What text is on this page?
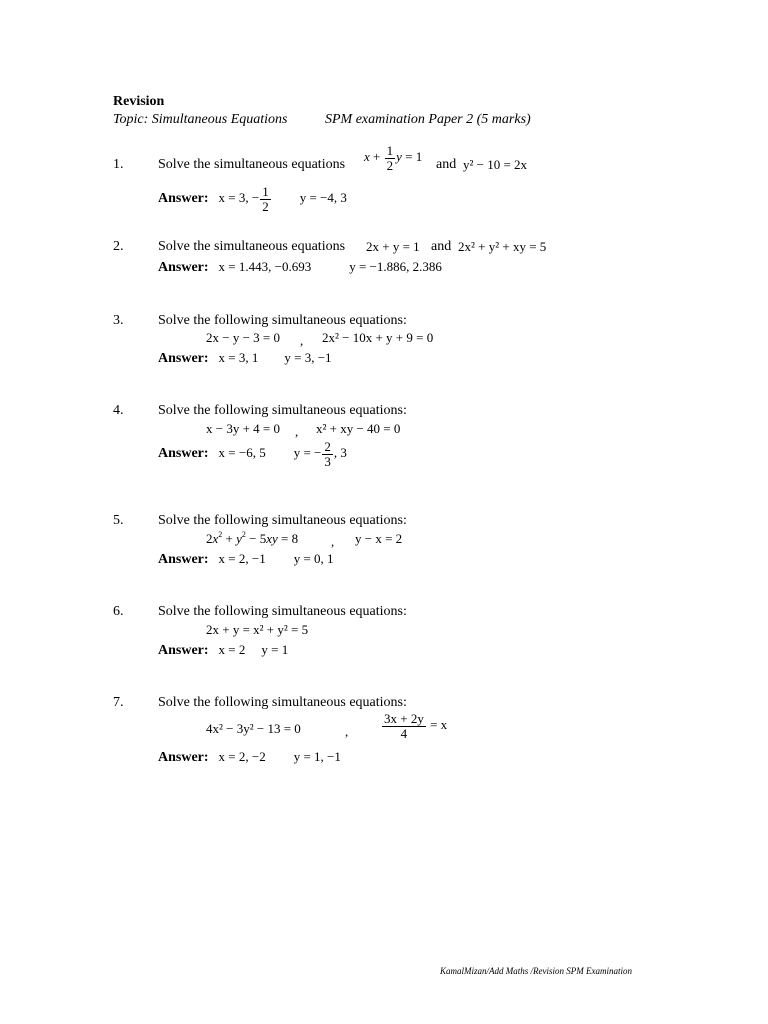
Revision
Topic: Simultaneous Equations	SPM examination Paper 2 (5 marks)
1. Solve the simultaneous equations
$x + \frac{1}{2}$ y = 1
and y² − 10 = 2x
Answer: x = 3, − $\frac{1}{2}$ y = −4, 3
2. Solve the simultaneous equations 2x + y = 1 and 2x² + y² + xy = 5
Answer: x = 1.443, −0.693	y = −1.886, 2.386
3. Solve the following simultaneous equations:
2x − y − 3 = 0 , 2x² − 10x + y + 9 = 0
Answer: x = 3, 1 y = 3, −1
4. Solve the following simultaneous equations:
x − 3y + 4 = 0 , x² + xy − 40 = 0
Answer: x = −6, 5 y = − $\frac{2}{3}$ , 3
5. Solve the following simultaneous equations:
$2x^2 + y^2 - 5xy = 8$	, y − x = 2
Answer: x = 2, −1 y = 0, 1
6. Solve the following simultaneous equations:
2x + y = x² + y² = 5
Answer: x = 2 y = 1
7. Solve the following simultaneous equations:
4x² − 3y² − 13 = 0	,	$\frac{3x + 2y}{4} = x$
Answer: x = 2, −2 y = 1, −1
KamalMizan/Add Maths /Revision SPM Examination
